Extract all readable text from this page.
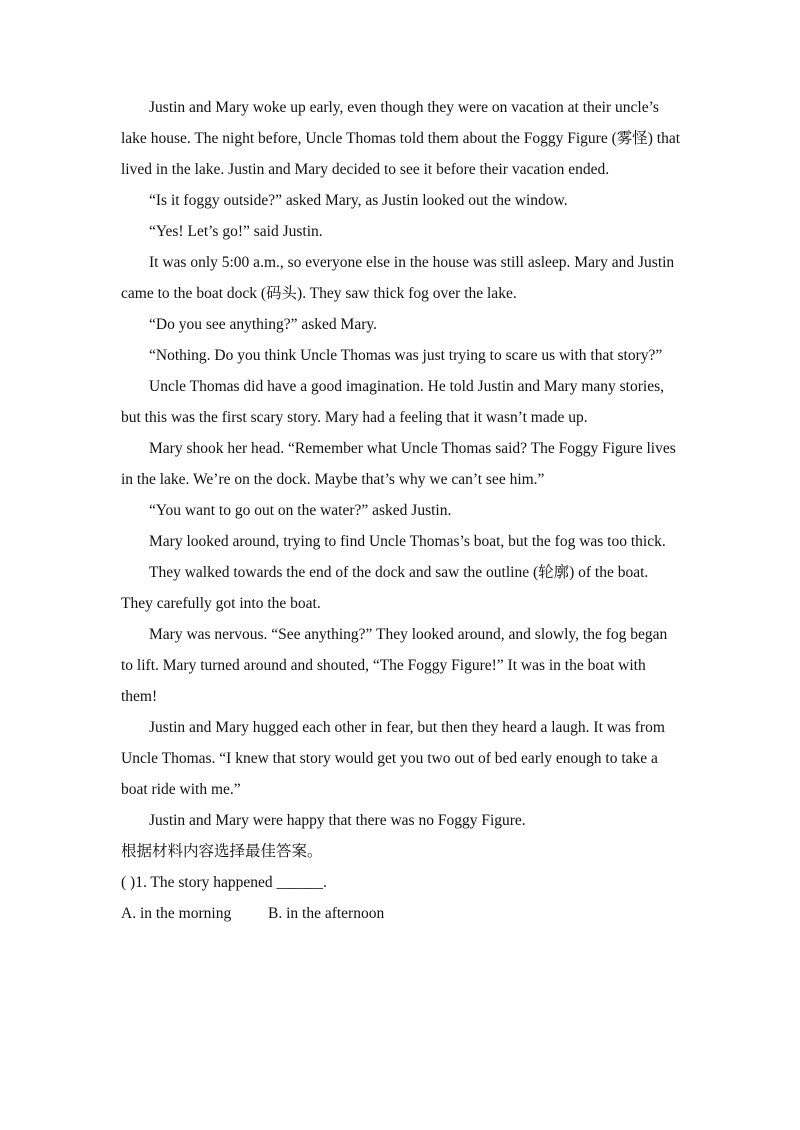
Justin and Mary woke up early, even though they were on vacation at their uncle’s lake house. The night before, Uncle Thomas told them about the Foggy Figure (雾怪) that lived in the lake. Justin and Mary decided to see it before their vacation ended.

“Is it foggy outside?” asked Mary, as Justin looked out the window.

“Yes! Let’s go!” said Justin.

It was only 5:00 a.m., so everyone else in the house was still asleep. Mary and Justin came to the boat dock (码头). They saw thick fog over the lake.

“Do you see anything?” asked Mary.

“Nothing. Do you think Uncle Thomas was just trying to scare us with that story?”

Uncle Thomas did have a good imagination. He told Justin and Mary many stories, but this was the first scary story. Mary had a feeling that it wasn’t made up.

Mary shook her head. “Remember what Uncle Thomas said? The Foggy Figure lives in the lake. We’re on the dock. Maybe that’s why we can’t see him.”

“You want to go out on the water?” asked Justin.

Mary looked around, trying to find Uncle Thomas’s boat, but the fog was too thick.

They walked towards the end of the dock and saw the outline (轮廓) of the boat. They carefully got into the boat.

Mary was nervous. “See anything?” They looked around, and slowly, the fog began to lift. Mary turned around and shouted, “The Foggy Figure!” It was in the boat with them!

Justin and Mary hugged each other in fear, but then they heard a laugh. It was from Uncle Thomas. “I knew that story would get you two out of bed early enough to take a boat ride with me.”

Justin and Mary were happy that there was no Foggy Figure.

根据材料内容选择最佳答案。

( )1. The story happened ______.

A. in the morning B. in the afternoon
